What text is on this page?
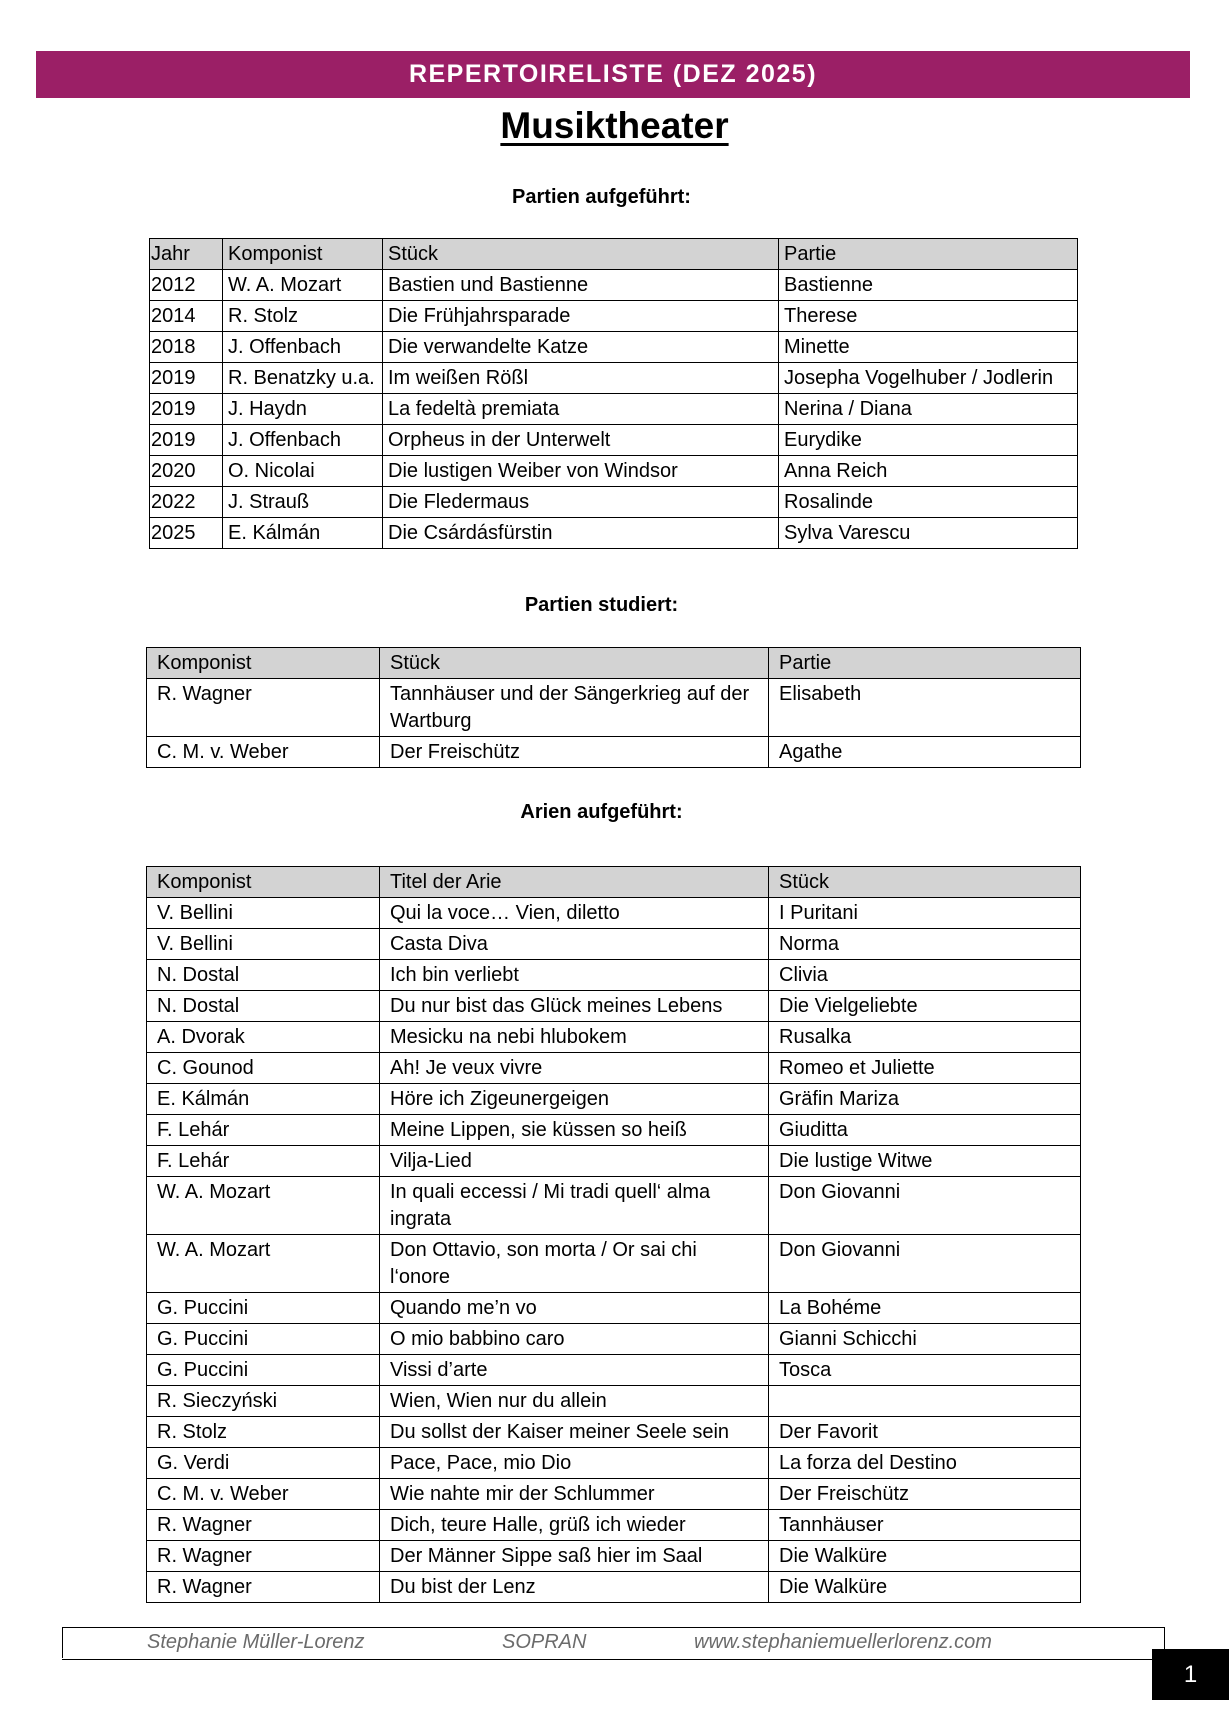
REPERTOIRELISTE (DEZ 2025)
Musiktheater
Partien aufgeführt:
Jahr	Komponist	Stück	Partie
2012	W. A. Mozart	Bastien und Bastienne	Bastienne
2014	R. Stolz	Die Frühjahrsparade	Therese
2018	J. Offenbach	Die verwandelte Katze	Minette
2019	R. Benatzky u.a.	Im weißen Rößl	Josepha Vogelhuber / Jodlerin
2019	J. Haydn	La fedeltà premiata	Nerina / Diana
2019	J. Offenbach	Orpheus in der Unterwelt	Eurydike
2020	O. Nicolai	Die lustigen Weiber von Windsor	Anna Reich
2022	J. Strauß	Die Fledermaus	Rosalinde
2025	E. Kálmán	Die Csárdásfürstin	Sylva Varescu
Partien studiert:
Komponist	Stück	Partie
R. Wagner	Tannhäuser und der Sängerkrieg auf der Wartburg	Elisabeth
C. M. v. Weber	Der Freischütz	Agathe
Arien aufgeführt:
Komponist	Titel der Arie	Stück
V. Bellini	Qui la voce… Vien, diletto	I Puritani
V. Bellini	Casta Diva	Norma
N. Dostal	Ich bin verliebt	Clivia
N. Dostal	Du nur bist das Glück meines Lebens	Die Vielgeliebte
A. Dvorak	Mesicku na nebi hlubokem	Rusalka
C. Gounod	Ah! Je veux vivre	Romeo et Juliette
E. Kálmán	Höre ich Zigeunergeigen	Gräfin Mariza
F. Lehár	Meine Lippen, sie küssen so heiß	Giuditta
F. Lehár	Vilja-Lied	Die lustige Witwe
W. A. Mozart	In quali eccessi / Mi tradi quell‘ alma ingrata	Don Giovanni
W. A. Mozart	Don Ottavio, son morta / Or sai chi l‘onore	Don Giovanni
G. Puccini	Quando me’n vo	La Bohéme
G. Puccini	O mio babbino caro	Gianni Schicchi
G. Puccini	Vissi d’arte	Tosca
R. Sieczyński	Wien, Wien nur du allein	
R. Stolz	Du sollst der Kaiser meiner Seele sein	Der Favorit
G. Verdi	Pace, Pace, mio Dio	La forza del Destino
C. M. v. Weber	Wie nahte mir der Schlummer	Der Freischütz
R. Wagner	Dich, teure Halle, grüß ich wieder	Tannhäuser
R. Wagner	Der Männer Sippe saß hier im Saal	Die Walküre
R. Wagner	Du bist der Lenz	Die Walküre
Stephanie Müller-Lorenz	SOPRAN	www.stephaniemuellerlorenz.com
1
